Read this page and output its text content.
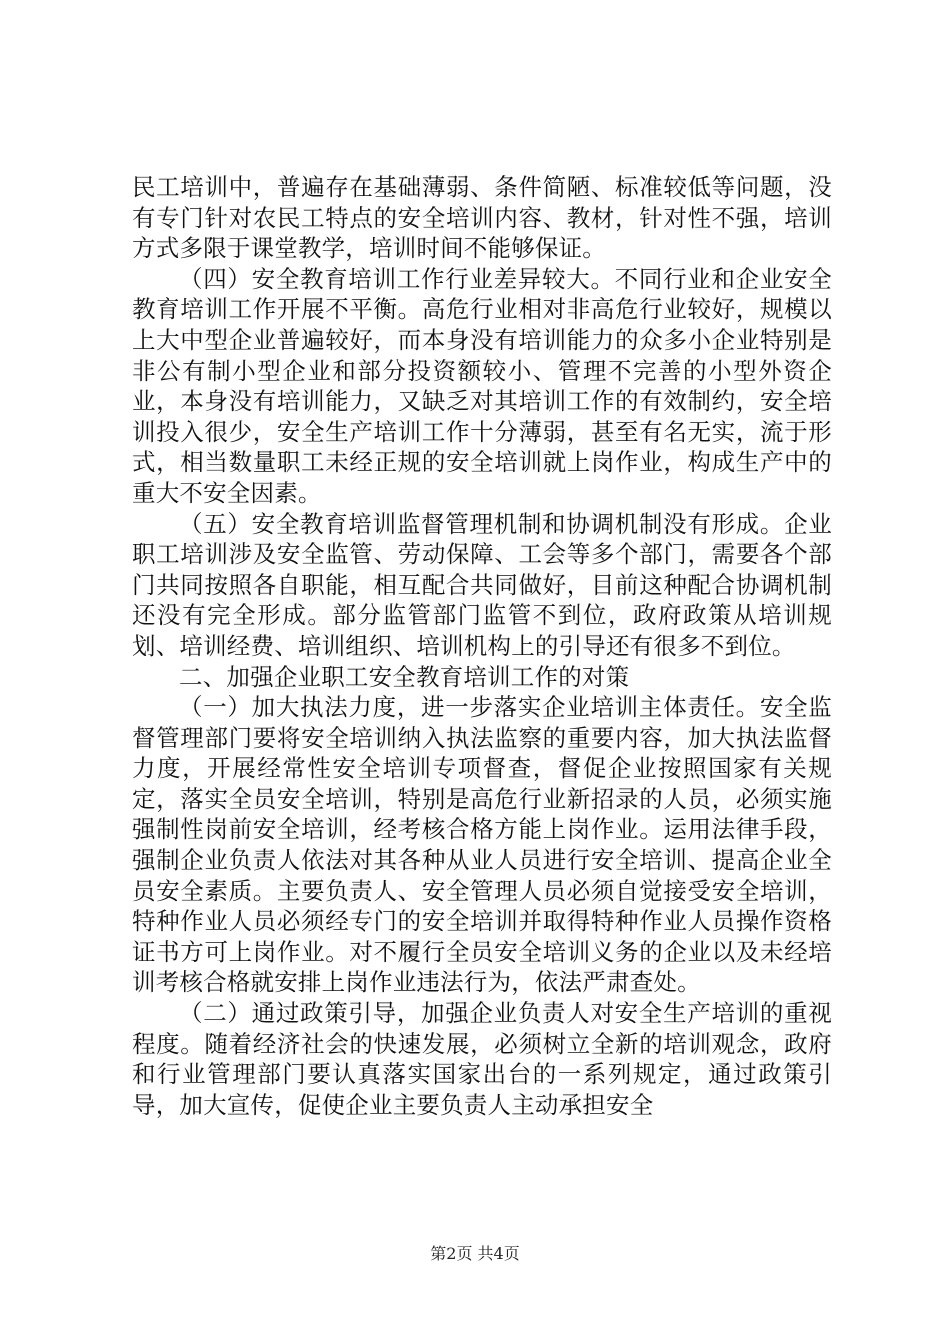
民工培训中，普遍存在基础薄弱、条件简陋、标准较低等问题，没有专门针对农民工特点的安全培训内容、教材，针对性不强，培训方式多限于课堂教学，培训时间不能够保证。

（四）安全教育培训工作行业差异较大。不同行业和企业安全教育培训工作开展不平衡。高危行业相对非高危行业较好，规模以上大中型企业普遍较好，而本身没有培训能力的众多小企业特别是非公有制小型企业和部分投资额较小、管理不完善的小型外资企业，本身没有培训能力，又缺乏对其培训工作的有效制约，安全培训投入很少，安全生产培训工作十分薄弱，甚至有名无实，流于形式，相当数量职工未经正规的安全培训就上岗作业，构成生产中的重大不安全因素。

（五）安全教育培训监督管理机制和协调机制没有形成。企业职工培训涉及安全监管、劳动保障、工会等多个部门，需要各个部门共同按照各自职能，相互配合共同做好，目前这种配合协调机制还没有完全形成。部分监管部门监管不到位，政府政策从培训规划、培训经费、培训组织、培训机构上的引导还有很多不到位。

二、加强企业职工安全教育培训工作的对策

（一）加大执法力度，进一步落实企业培训主体责任。安全监督管理部门要将安全培训纳入执法监察的重要内容，加大执法监督力度，开展经常性安全培训专项督查，督促企业按照国家有关规定，落实全员安全培训，特别是高危行业新招录的人员，必须实施强制性岗前安全培训，经考核合格方能上岗作业。运用法律手段，强制企业负责人依法对其各种从业人员进行安全培训、提高企业全员安全素质。主要负责人、安全管理人员必须自觉接受安全培训，特种作业人员必须经专门的安全培训并取得特种作业人员操作资格证书方可上岗作业。对不履行全员安全培训义务的企业以及未经培训考核合格就安排上岗作业违法行为，依法严肃查处。

（二）通过政策引导，加强企业负责人对安全生产培训的重视程度。随着经济社会的快速发展，必须树立全新的培训观念，政府和行业管理部门要认真落实国家出台的一系列规定，通过政策引导，加大宣传，促使企业主要负责人主动承担安全

第2页 共4页
